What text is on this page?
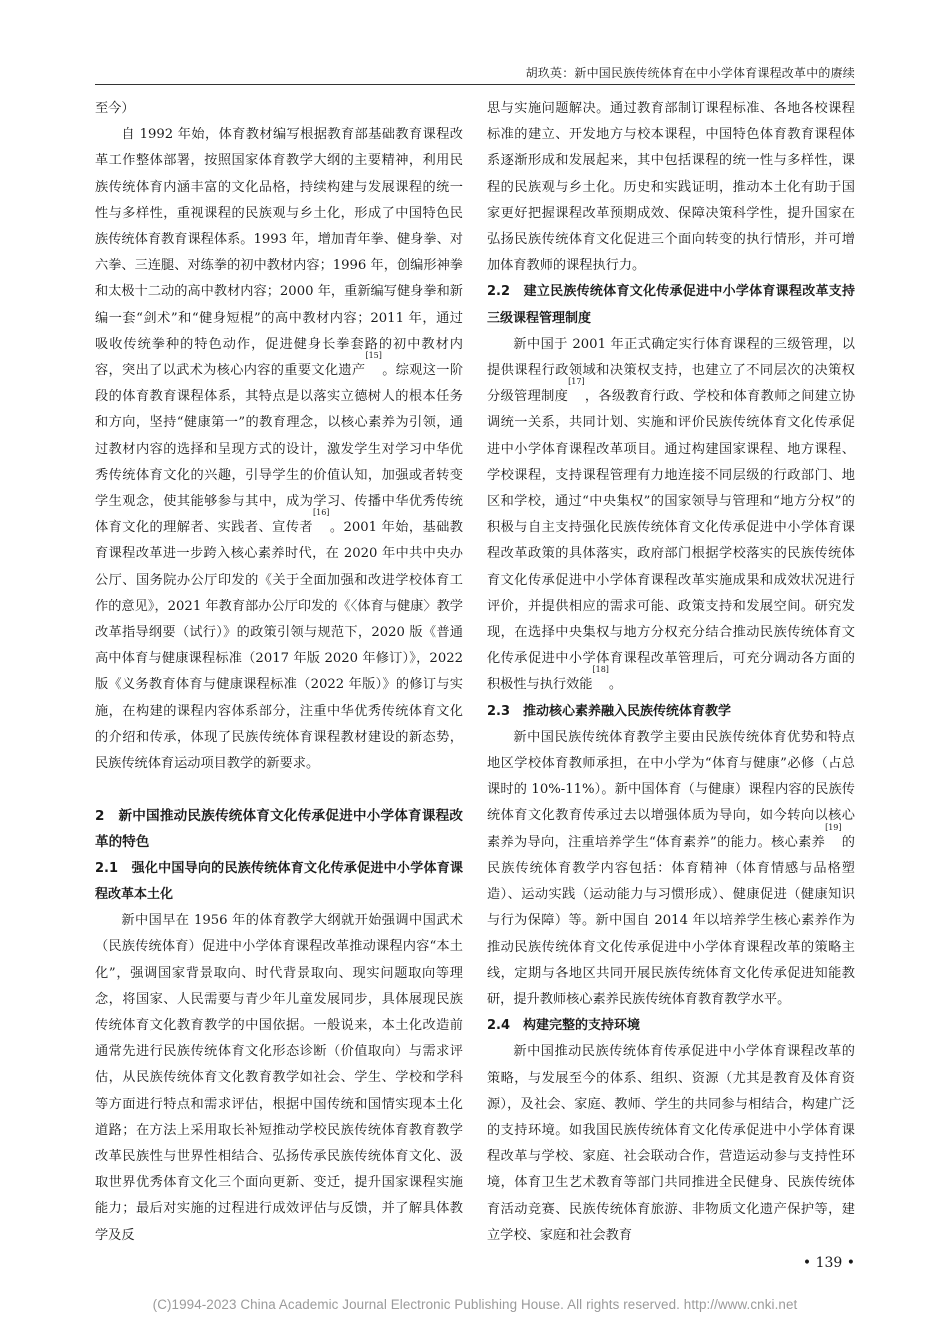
胡玖英：新中国民族传统体育在中小学体育课程改革中的赓续

至今）

自 1992 年始，体育教材编写根据教育部基础教育课程改革工作整体部署，按照国家体育教学大纲的主要精神，利用民族传统体育内涵丰富的文化品格，持续构建与发展课程的统一性与多样性，重视课程的民族观与乡土化，形成了中国特色民族传统体育教育课程体系。1993 年，增加青年拳、健身拳、对六拳、三连腿、对练拳的初中教材内容；1996 年，创编形神拳和太极十二动的高中教材内容；2000 年，重新编写健身拳和新编一套“剑术”和“健身短棍”的高中教材内容；2011 年，通过吸收传统拳种的特色动作，促进健身长拳套路的初中教材内容，突出了以武术为核心内容的重要文化遗产[15]。综观这一阶段的体育教育课程体系，其特点是以落实立德树人的根本任务和方向，坚持“健康第一”的教育理念，以核心素养为引领，通过教材内容的选择和呈现方式的设计，激发学生对学习中华优秀传统体育文化的兴趣，引导学生的价值认知，加强或者转变学生观念，使其能够参与其中，成为学习、传播中华优秀传统体育文化的理解者、实践者、宣传者[16]。2001 年始，基础教育课程改革进一步跨入核心素养时代，在 2020 年中共中央办公厅、国务院办公厅印发的《关于全面加强和改进学校体育工作的意见》，2021 年教育部办公厅印发的《〈体育与健康〉教学改革指导纲要（试行）》的政策引领与规范下，2020 版《普通高中体育与健康课程标准（2017 年版 2020 年修订）》，2022 版《义务教育体育与健康课程标准（2022 年版）》的修订与实施，在构建的课程内容体系部分，注重中华优秀传统体育文化的介绍和传承，体现了民族传统体育课程教材建设的新态势，民族传统体育运动项目教学的新要求。

2　新中国推动民族传统体育文化传承促进中小学体育课程改革的特色
2.1　强化中国导向的民族传统体育文化传承促进中小学体育课程改革本土化

新中国早在 1956 年的体育教学大纲就开始强调中国武术（民族传统体育）促进中小学体育课程改革推动课程内容“本土化”，强调国家背景取向、时代背景取向、现实问题取向等理念，将国家、人民需要与青少年儿童发展同步，具体展现民族传统体育文化教育教学的中国依据。一般说来，本土化改造前通常先进行民族传统体育文化形态诊断（价值取向）与需求评估，从民族传统体育文化教育教学如社会、学生、学校和学科等方面进行特点和需求评估，根据中国传统和国情实现本土化道路；在方法上采用取长补短推动学校民族传统体育教育教学改革民族性与世界性相结合、弘扬传承民族传统体育文化、汲取世界优秀体育文化三个面向更新、变迁，提升国家课程实施能力；最后对实施的过程进行成效评估与反馈，并了解具体教学及反

思与实施问题解决。通过教育部制订课程标准、各地各校课程标准的建立、开发地方与校本课程，中国特色体育教育课程体系逐渐形成和发展起来，其中包括课程的统一性与多样性，课程的民族观与乡土化。历史和实践证明，推动本土化有助于国家更好把握课程改革预期成效、保障决策科学性，提升国家在弘扬民族传统体育文化促进三个面向转变的执行情形，并可增加体育教师的课程执行力。

2.2　建立民族传统体育文化传承促进中小学体育课程改革支持三级课程管理制度

新中国于 2001 年正式确定实行体育课程的三级管理，以提供课程行政领域和决策权支持，也建立了不同层次的决策权分级管理制度[17]，各级教育行政、学校和体育教师之间建立协调统一关系，共同计划、实施和评价民族传统体育文化传承促进中小学体育课程改革项目。通过构建国家课程、地方课程、学校课程，支持课程管理有力地连接不同层级的行政部门、地区和学校，通过“中央集权”的国家领导与管理和“地方分权”的积极与自主支持强化民族传统体育文化传承促进中小学体育课程改革政策的具体落实，政府部门根据学校落实的民族传统体育文化传承促进中小学体育课程改革实施成果和成效状况进行评价，并提供相应的需求可能、政策支持和发展空间。研究发现，在选择中央集权与地方分权充分结合推动民族传统体育文化传承促进中小学体育课程改革管理后，可充分调动各方面的积极性与执行效能[18]。

2.3　推动核心素养融入民族传统体育教学

新中国民族传统体育教学主要由民族传统体育优势和特点地区学校体育教师承担，在中小学为“体育与健康”必修（占总课时的 10%-11%）。新中国体育（与健康）课程内容的民族传统体育文化教育传承过去以增强体质为导向，如今转向以核心素养为导向，注重培养学生“体育素养”的能力。核心素养[19]的民族传统体育教学内容包括：体育精神（体育情感与品格塑造）、运动实践（运动能力与习惯形成）、健康促进（健康知识与行为保障）等。新中国自 2014 年以培养学生核心素养作为推动民族传统体育文化传承促进中小学体育课程改革的策略主线，定期与各地区共同开展民族传统体育文化传承促进知能教研，提升教师核心素养民族传统体育教育教学水平。

2.4　构建完整的支持环境

新中国推动民族传统体育传承促进中小学体育课程改革的策略，与发展至今的体系、组织、资源（尤其是教育及体育资源），及社会、家庭、教师、学生的共同参与相结合，构建广泛的支持环境。如我国民族传统体育文化传承促进中小学体育课程改革与学校、家庭、社会联动合作，营造运动参与支持性环境，体育卫生艺术教育等部门共同推进全民健身、民族传统体育活动竞赛、民族传统体育旅游、非物质文化遗产保护等，建立学校、家庭和社会教育

• 139 •
(C)1994-2023 China Academic Journal Electronic Publishing House. All rights reserved. http://www.cnki.net
